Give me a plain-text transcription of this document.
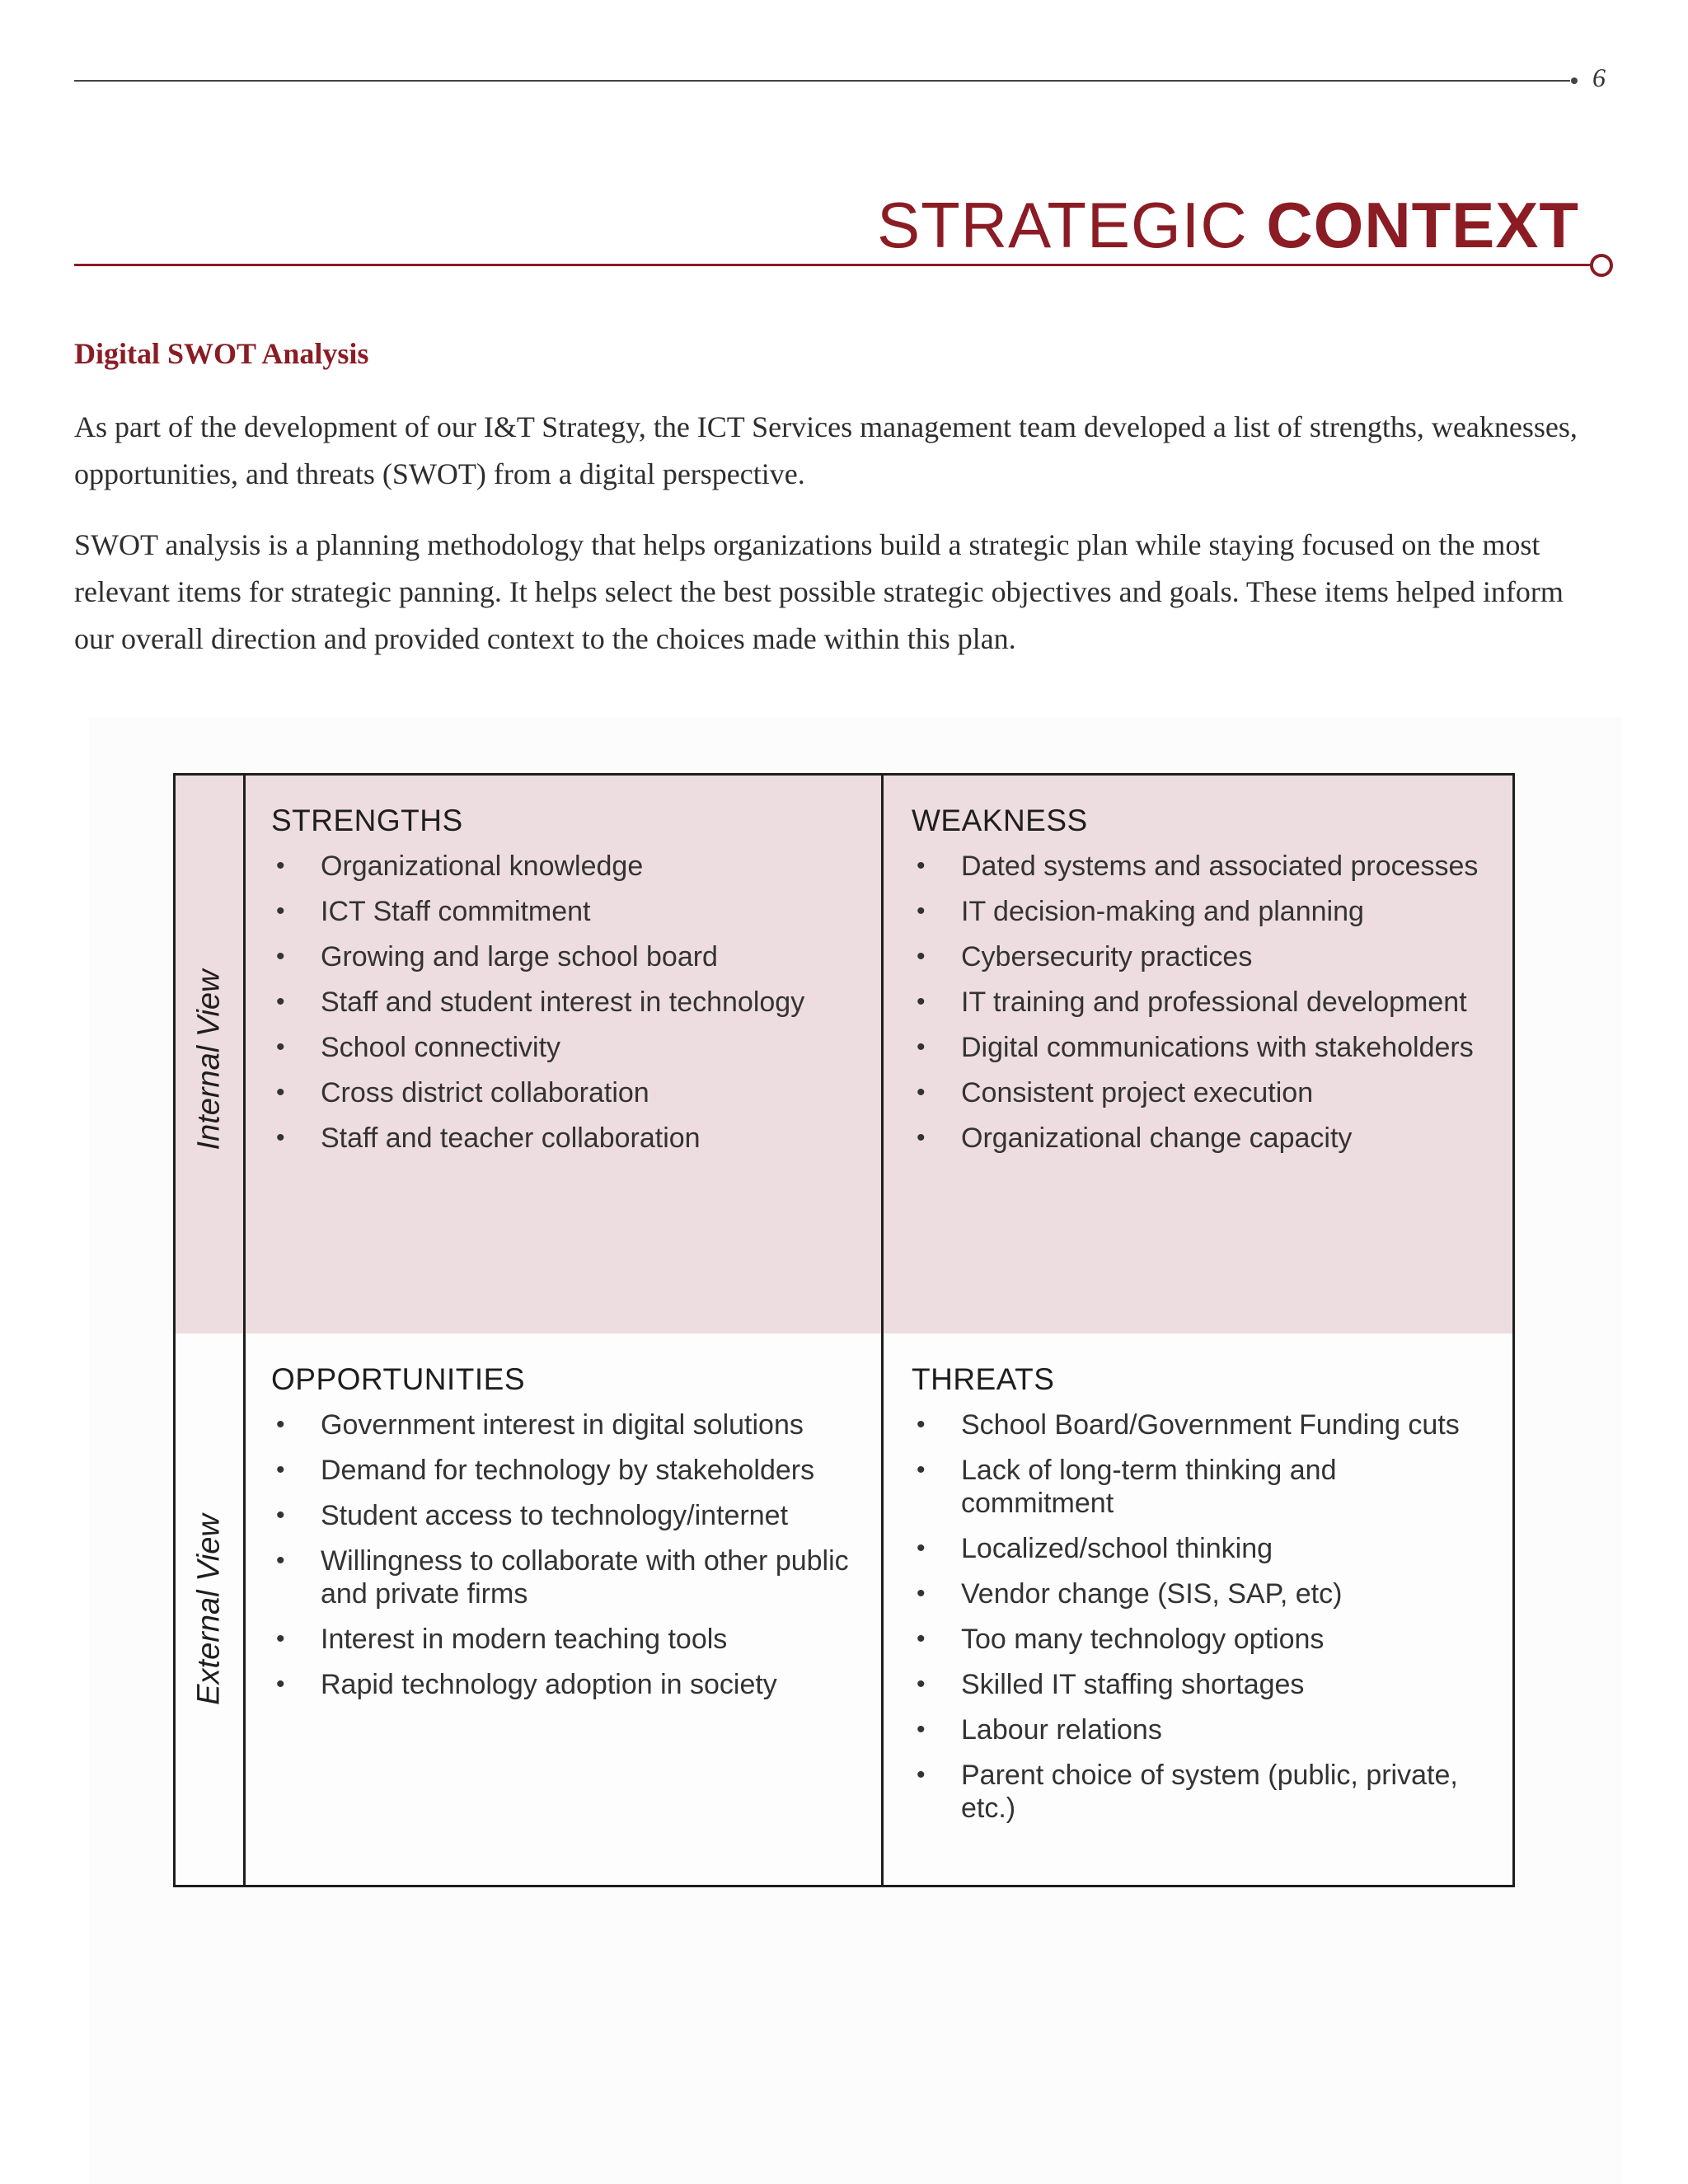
6
STRATEGIC CONTEXT
Digital SWOT Analysis

As part of the development of our I&T Strategy, the ICT Services management team developed a list of strengths, weaknesses, opportunities, and threats (SWOT) from a digital perspective.

SWOT analysis is a planning methodology that helps organizations build a strategic plan while staying focused on the most relevant items for strategic panning. It helps select the best possible strategic objectives and goals. These items helped inform our overall direction and provided context to the choices made within this plan.

Internal View
External View
STRENGTHS
• Organizational knowledge
• ICT Staff commitment
• Growing and large school board
• Staff and student interest in technology
• School connectivity
• Cross district collaboration
• Staff and teacher collaboration
WEAKNESS
• Dated systems and associated processes
• IT decision-making and planning
• Cybersecurity practices
• IT training and professional development
• Digital communications with stakeholders
• Consistent project execution
• Organizational change capacity
OPPORTUNITIES
• Government interest in digital solutions
• Demand for technology by stakeholders
• Student access to technology/internet
• Willingness to collaborate with other public and private firms
• Interest in modern teaching tools
• Rapid technology adoption in society
THREATS
• School Board/Government Funding cuts
• Lack of long-term thinking and commitment
• Localized/school thinking
• Vendor change (SIS, SAP, etc)
• Too many technology options
• Skilled IT staffing shortages
• Labour relations
• Parent choice of system (public, private, etc.)
